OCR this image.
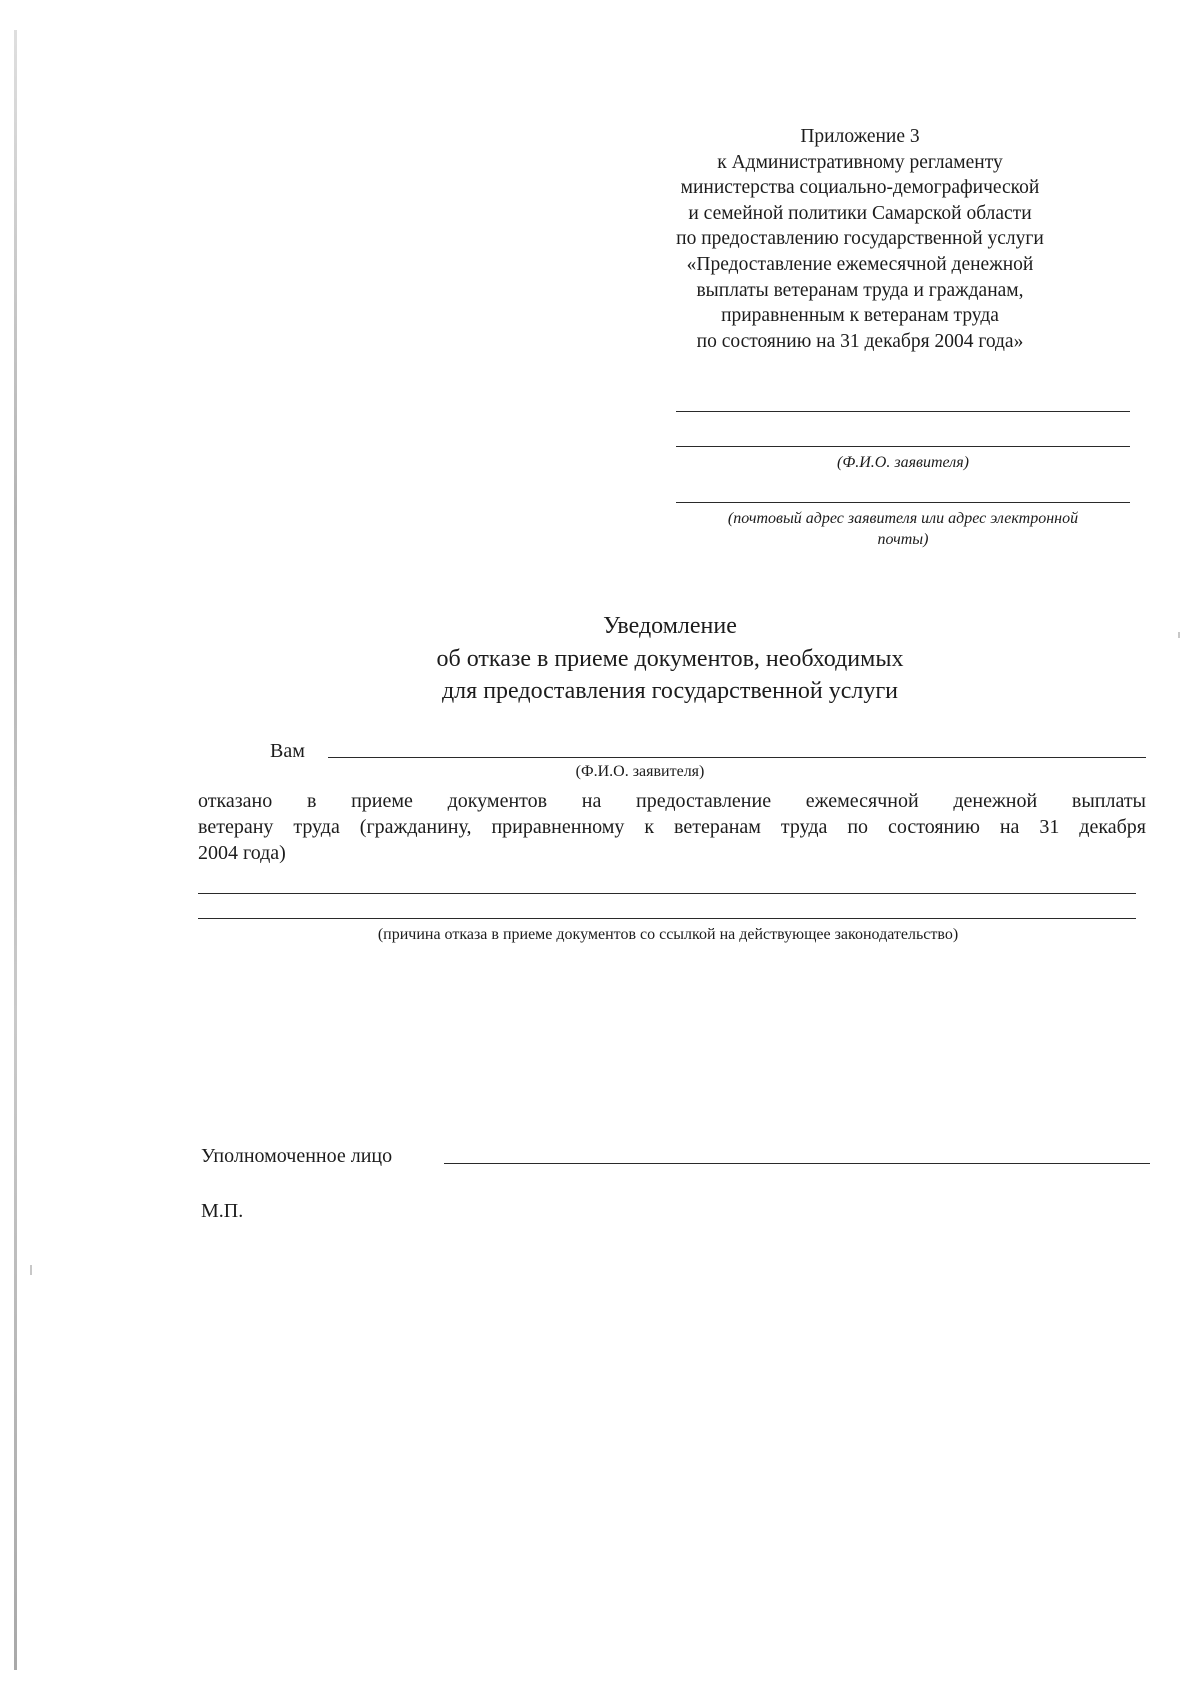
Приложение 3
к Административному регламенту
министерства социально-демографической
и семейной политики Самарской области
по предоставлению государственной услуги
«Предоставление ежемесячной денежной
выплаты ветеранам труда и гражданам,
приравненным к ветеранам труда
по состоянию на 31 декабря 2004 года»
(Ф.И.О. заявителя)
(почтовый адрес заявителя или адрес электронной
почты)
Уведомление
об отказе в приеме документов, необходимых
для предоставления государственной услуги
Вам
(Ф.И.О. заявителя)
отказано в приеме документов на предоставление ежемесячной денежной выплаты
ветерану труда (гражданину, приравненному к ветеранам труда по состоянию на 31 декабря
2004 года)
(причина отказа в приеме документов со ссылкой на действующее законодательство)
Уполномоченное лицо
М.П.
